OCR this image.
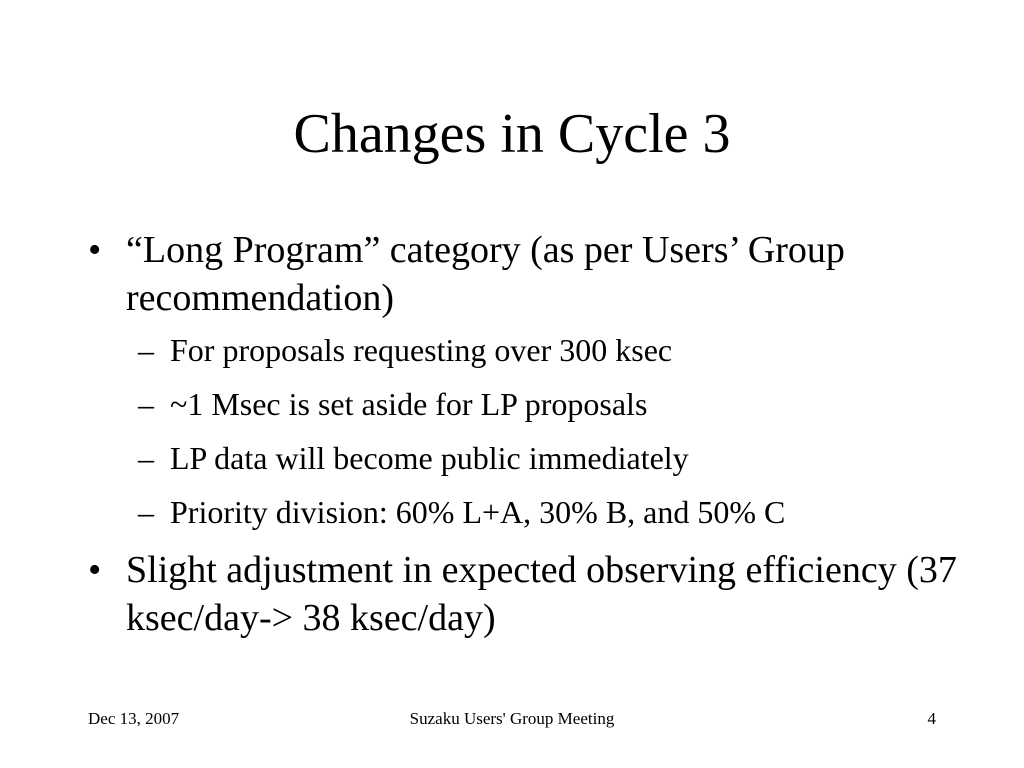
Changes in Cycle 3
• “Long Program” category (as per Users’ Group recommendation)
– For proposals requesting over 300 ksec
– ~1 Msec is set aside for LP proposals
– LP data will become public immediately
– Priority division: 60% L+A, 30% B, and 50% C
• Slight adjustment in expected observing efficiency (37 ksec/day-> 38 ksec/day)
Dec 13, 2007	Suzaku Users' Group Meeting	4
